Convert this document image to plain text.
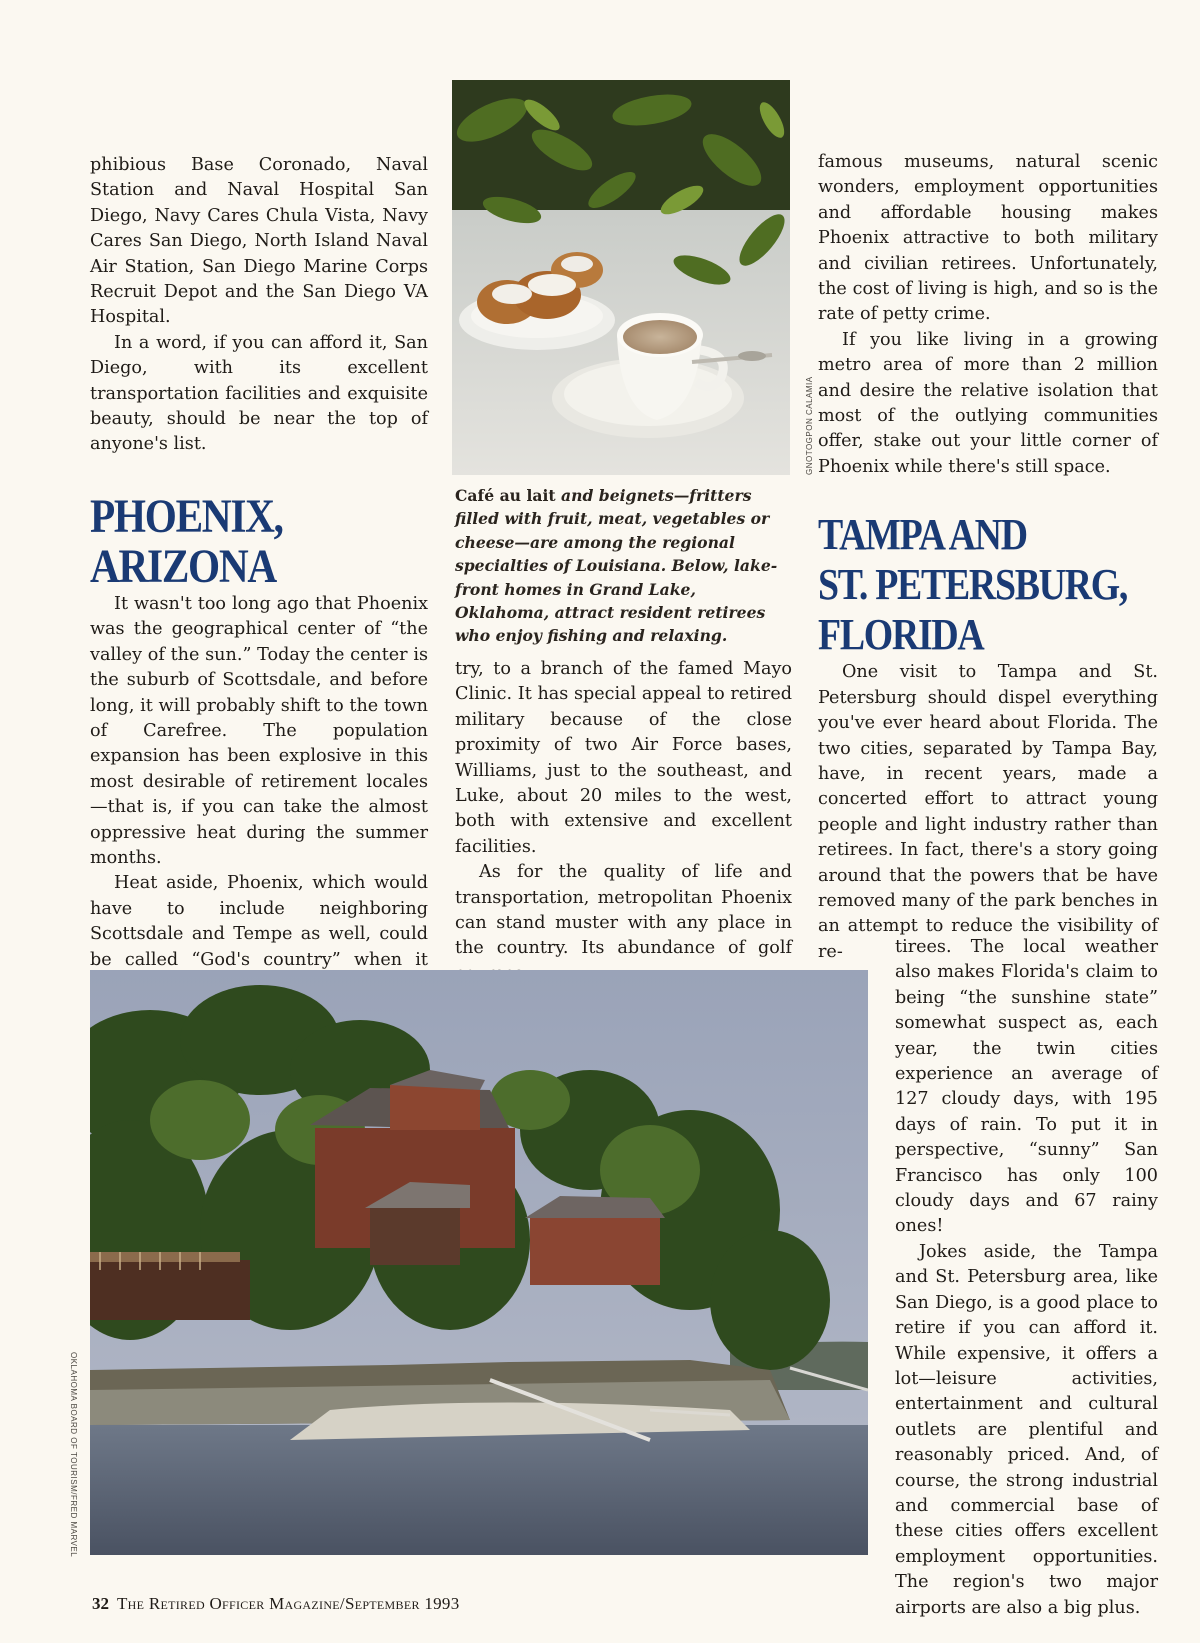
phibious Base Coronado, Naval Station and Naval Hospital San Diego, Navy Cares Chula Vista, Navy Cares San Diego, North Island Naval Air Station, San Diego Marine Corps Recruit Depot and the San Diego VA Hospital.

In a word, if you can afford it, San Diego, with its excellent transportation facilities and exquisite beauty, should be near the top of anyone's list.

PHOENIX, ARIZONA

It wasn't too long ago that Phoenix was the geographical center of “the valley of the sun.” Today the center is the suburb of Scottsdale, and before long, it will probably shift to the town of Carefree. The population expansion has been explosive in this most desirable of retirement locales—that is, if you can take the almost oppressive heat during the summer months.

Heat aside, Phoenix, which would have to include neighboring Scottsdale and Tempe as well, could be called “God's country” when it

GNOTOGPON CALAMIA
Café au lait and beignets—fritters filled with fruit, meat, vegetables or cheese—are among the regional specialties of Louisiana. Below, lake-front homes in Grand Lake, Oklahoma, attract resident retirees who enjoy fishing and relaxing.

try, to a branch of the famed Mayo Clinic. It has special appeal to retired military because of the close proximity of two Air Force bases, Williams, just to the southeast, and Luke, about 20 miles to the west, both with extensive and excellent facilities.

As for the quality of life and transportation, metropolitan Phoenix can stand muster with any place in the country. Its abundance of golf

famous museums, natural scenic wonders, employment opportunities and affordable housing makes Phoenix attractive to both military and civilian retirees. Unfortunately, the cost of living is high, and so is the rate of petty crime.

If you like living in a growing metro area of more than 2 million and desire the relative isolation that most of the outlying communities offer, stake out your little corner of Phoenix while there's still space.

TAMPA AND
ST. PETERSBURG,
FLORIDA

One visit to Tampa and St. Petersburg should dispel everything you've ever heard about Florida. The two cities, separated by Tampa Bay, have, in recent years, made a concerted effort to attract young people and light industry rather than retirees. In fact, there's a story going around that the powers that be have removed many of the park benches in an attempt to reduce the visibility of re-	tirees. The local weather also makes Florida's claim to being “the sunshine state” somewhat suspect as, each year, the twin cities experience an average of 127 cloudy days, with 195 days of rain. To put it in perspective, “sunny” San Francisco has only 100 cloudy days and 67 rainy ones!

Jokes aside, the Tampa and St. Petersburg area, like San Diego, is a good place to retire if you can afford it. While expensive, it offers a lot—leisure activities, entertainment and cultural outlets are plentiful and reasonably priced. And, of course, the strong industrial and commercial base of these cities offers excellent employment opportunities. The region's two major airports are also a big plus.

OKLAHOMA BOARD OF TOURISM/FRED MARVEL
32 The Retired Officer Magazine/September 1993
